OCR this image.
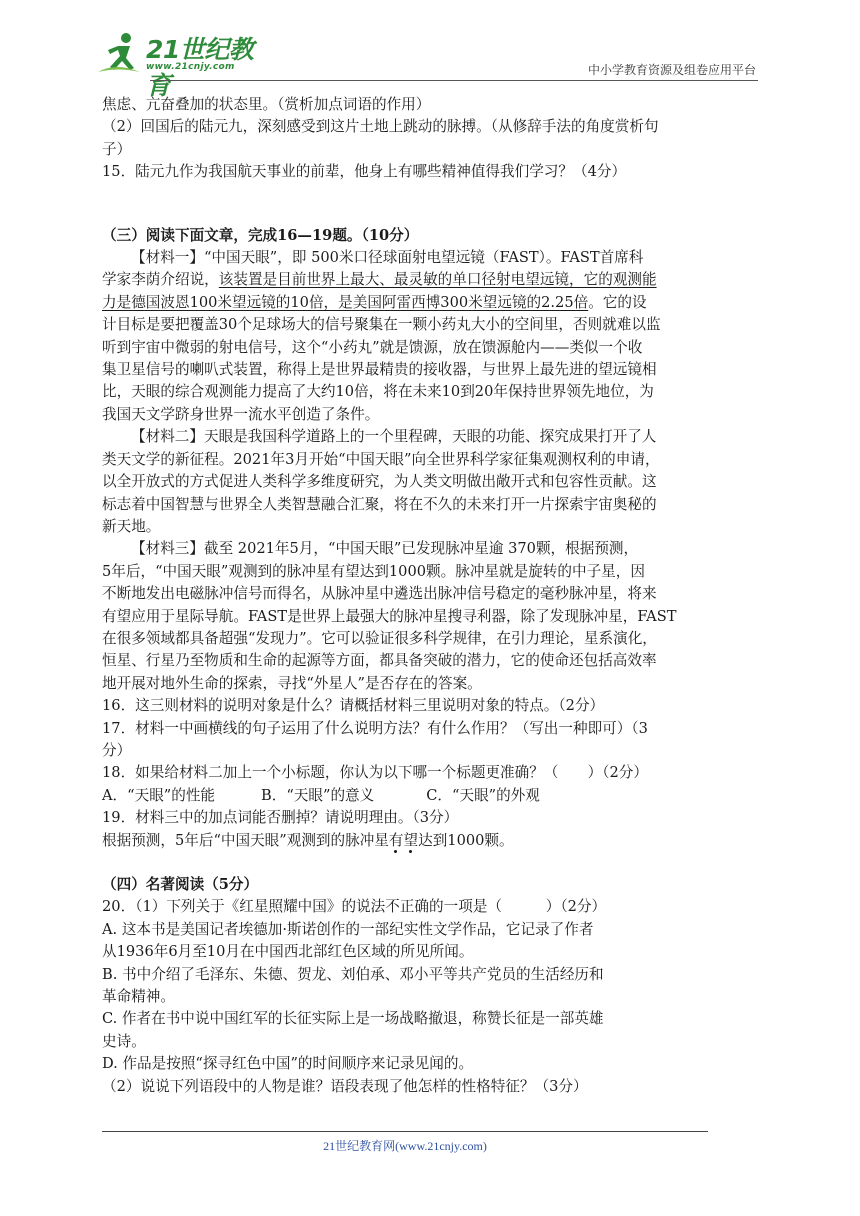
21世纪教育
www.21cnjy.com	中小学教育资源及组卷应用平台

焦虑、亢奋叠加的状态里。（赏析加点词语的作用）

（2）回国后的陆元九，深刻感受到这片土地上跳动的脉搏。（从修辞手法的角度赏析句

子）

15．陆元九作为我国航天事业的前辈，他身上有哪些精神值得我们学习？（4分）

（三）阅读下面文章，完成16—19题。（10分）

【材料一】“中国天眼”，即 500米口径球面射电望远镜（FAST）。FAST首席科

学家李荫介绍说，该装置是目前世界上最大、最灵敏的单口径射电望远镜，它的观测能

力是德国波恩100米望远镜的10倍，是美国阿雷西博300米望远镜的2.25倍。它的设

计目标是要把覆盖30个足球场大的信号聚集在一颗小药丸大小的空间里，否则就难以监

听到宇宙中微弱的射电信号，这个“小药丸”就是馈源，放在馈源舱内——类似一个收

集卫星信号的喇叭式装置，称得上是世界最精贵的接收器，与世界上最先进的望远镜相

比，天眼的综合观测能力提高了大约10倍，将在未来10到20年保持世界领先地位，为

我国天文学跻身世界一流水平创造了条件。

【材料二】天眼是我国科学道路上的一个里程碑，天眼的功能、探究成果打开了人

类天文学的新征程。2021年3月开始“中国天眼”向全世界科学家征集观测权利的申请，

以全开放式的方式促进人类科学多维度研究，为人类文明做出敞开式和包容性贡献。这

标志着中国智慧与世界全人类智慧融合汇聚，将在不久的未来打开一片探索宇宙奥秘的

新天地。

【材料三】截至 2021年5月，“中国天眼”已发现脉冲星逾 370颗，根据预测，

5年后，“中国天眼”观测到的脉冲星有望达到1000颗。脉冲星就是旋转的中子星，因

不断地发出电磁脉冲信号而得名，从脉冲星中遴选出脉冲信号稳定的毫秒脉冲星，将来

有望应用于星际导航。FAST是世界上最强大的脉冲星搜寻利器，除了发现脉冲星，FAST

在很多领域都具备超强“发现力”。它可以验证很多科学规律，在引力理论，星系演化，

恒星、行星乃至物质和生命的起源等方面，都具备突破的潜力，它的使命还包括高效率

地开展对地外生命的探索，寻找“外星人”是否存在的答案。

16．这三则材料的说明对象是什么？请概括材料三里说明对象的特点。（2分）

17．材料一中画横线的句子运用了什么说明方法？有什么作用？（写出一种即可）（3

分）

18．如果给材料二加上一个小标题，你认为以下哪一个标题更准确？（　　）（2分）

A．“天眼”的性能	B．“天眼”的意义	C．“天眼”的外观

19．材料三中的加点词能否删掉？请说明理由。（3分）

根据预测，5年后“中国天眼”观测到的脉冲星有望
达到1000颗。

（四）名著阅读（5分）

20．（1）下列关于《红星照耀中国》的说法不正确的一项是（　　　）（2分）

A. 这本书是美国记者埃德加·斯诺创作的一部纪实性文学作品，它记录了作者

从1936年6月至10月在中国西北部红色区域的所见所闻。

B. 书中介绍了毛泽东、朱德、贺龙、刘伯承、邓小平等共产党员的生活经历和

革命精神。

C. 作者在书中说中国红军的长征实际上是一场战略撤退，称赞长征是一部英雄

史诗。

D. 作品是按照“探寻红色中国”的时间顺序来记录见闻的。

（2）说说下列语段中的人物是谁？语段表现了他怎样的性格特征？（3分）

21世纪教育网(www.21cnjy.com)
